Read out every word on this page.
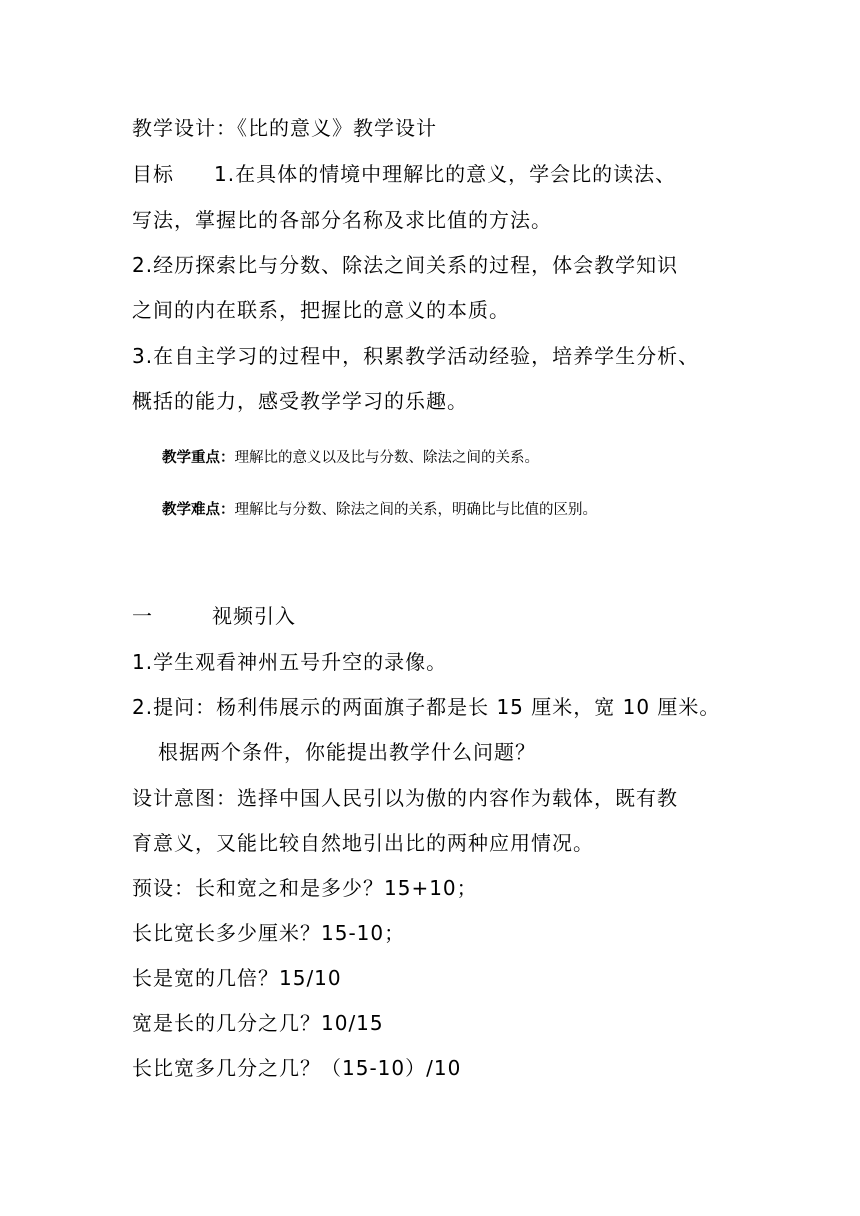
教学设计：《比的意义》教学设计
目标 1.在具体的情境中理解比的意义，学会比的读法、
写法，掌握比的各部分名称及求比值的方法。
2.经历探索比与分数、除法之间关系的过程，体会教学知识
之间的内在联系，把握比的意义的本质。
3.在自主学习的过程中，积累教学活动经验，培养学生分析、
概括的能力，感受教学学习的乐趣。
教学重点：理解比的意义以及比与分数、除法之间的关系。
教学难点：理解比与分数、除法之间的关系，明确比与比值的区别。
一	视频引入
1.学生观看神州五号升空的录像。
2.提问：杨利伟展示的两面旗子都是长 15 厘米，宽 10 厘米。
根据两个条件，你能提出教学什么问题？
设计意图：选择中国人民引以为傲的内容作为载体，既有教
育意义，又能比较自然地引出比的两种应用情况。
预设：长和宽之和是多少？15+10；
长比宽长多少厘米？15-10；
长是宽的几倍？15/10
宽是长的几分之几？10/15
长比宽多几分之几？（15-10）/10
